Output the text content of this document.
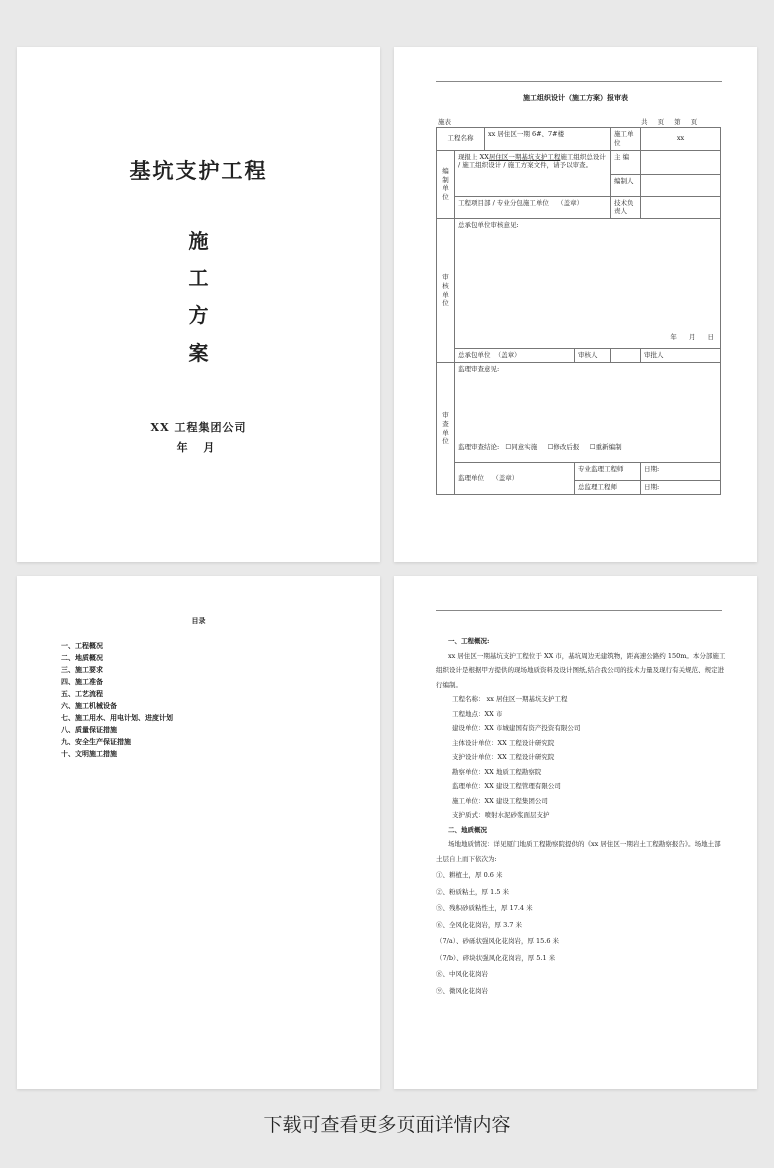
基坑支护工程
施
工
方
案
XX 工程集团公司
年 月
施工组织设计（施工方案）报审表
施表	共 页 第 页
工程名称		xx 居住区一期 6#、7#楼		施工单位	xx
编制单位	现报上 XX居住区一期基坑支护工程施工组织总设计 / 施工组织设计 / 施工方案文件，请予以审查。			主 编	
				编制人	
	工程项目部 / 专业分包施工单位 （盖章）			技术负责人	
审核单位	总承包单位审核意见:
年 月 日				

	总承包单位 （盖章）		审核人		审批人
审查单位	监理审查意见:
监理审查结论: ☐同意实施 ☐修改后报 ☐重新编制				

	监理单位 （盖章）		专业监理工程师		日期:
			总监理工程师		日期:
目录
一、工程概况
二、地质概况
三、施工要求
四、施工准备
五、工艺流程
六、施工机械设备
七、施工用水、用电计划、进度计划
八、质量保证措施
九、安全生产保证措施
十、文明施工措施
一、工程概况:
xx 居住区一期基坑支护工程位于 XX 市，基坑周边无建筑物，距高速公路约 150m。本分部施工组织设计是根据甲方提供的现场地质资料及设计图纸,结合我公司的技术力量及现行有关规范、规定进行编制。
工程名称： xx 居住区一期基坑支护工程
工程地点：XX 市
建设单位：XX 市城建国有资产投资有限公司
主体设计单位：XX 工程设计研究院
支护设计单位：XX 工程设计研究院
勘察单位：XX 地质工程勘察院
监理单位：XX 建设工程管理有限公司
施工单位：XX 建设工程集团公司
支护质式：喷射水泥砂浆面层支护
二、地质概况
场地地质情况：详见厦门地质工程勘察院提供的《xx 居住区一期岩土工程勘察报告》。场地土部土层自上而下依次为:
①、耕植土，厚 0.6 米
②、粉质粘土，厚 1.5 米
⑤、残积砂质粘性土，厚 17.4 米
⑥、全风化花岗岩，厚 3.7 米
（7/a）、砂砾状强风化花岗岩，厚 15.6 米
（7/b）、碎块状强风化花岗岩，厚 5.1 米
⑧、中风化花岗岩
⑨、微风化花岗岩
下载可查看更多页面详情内容
